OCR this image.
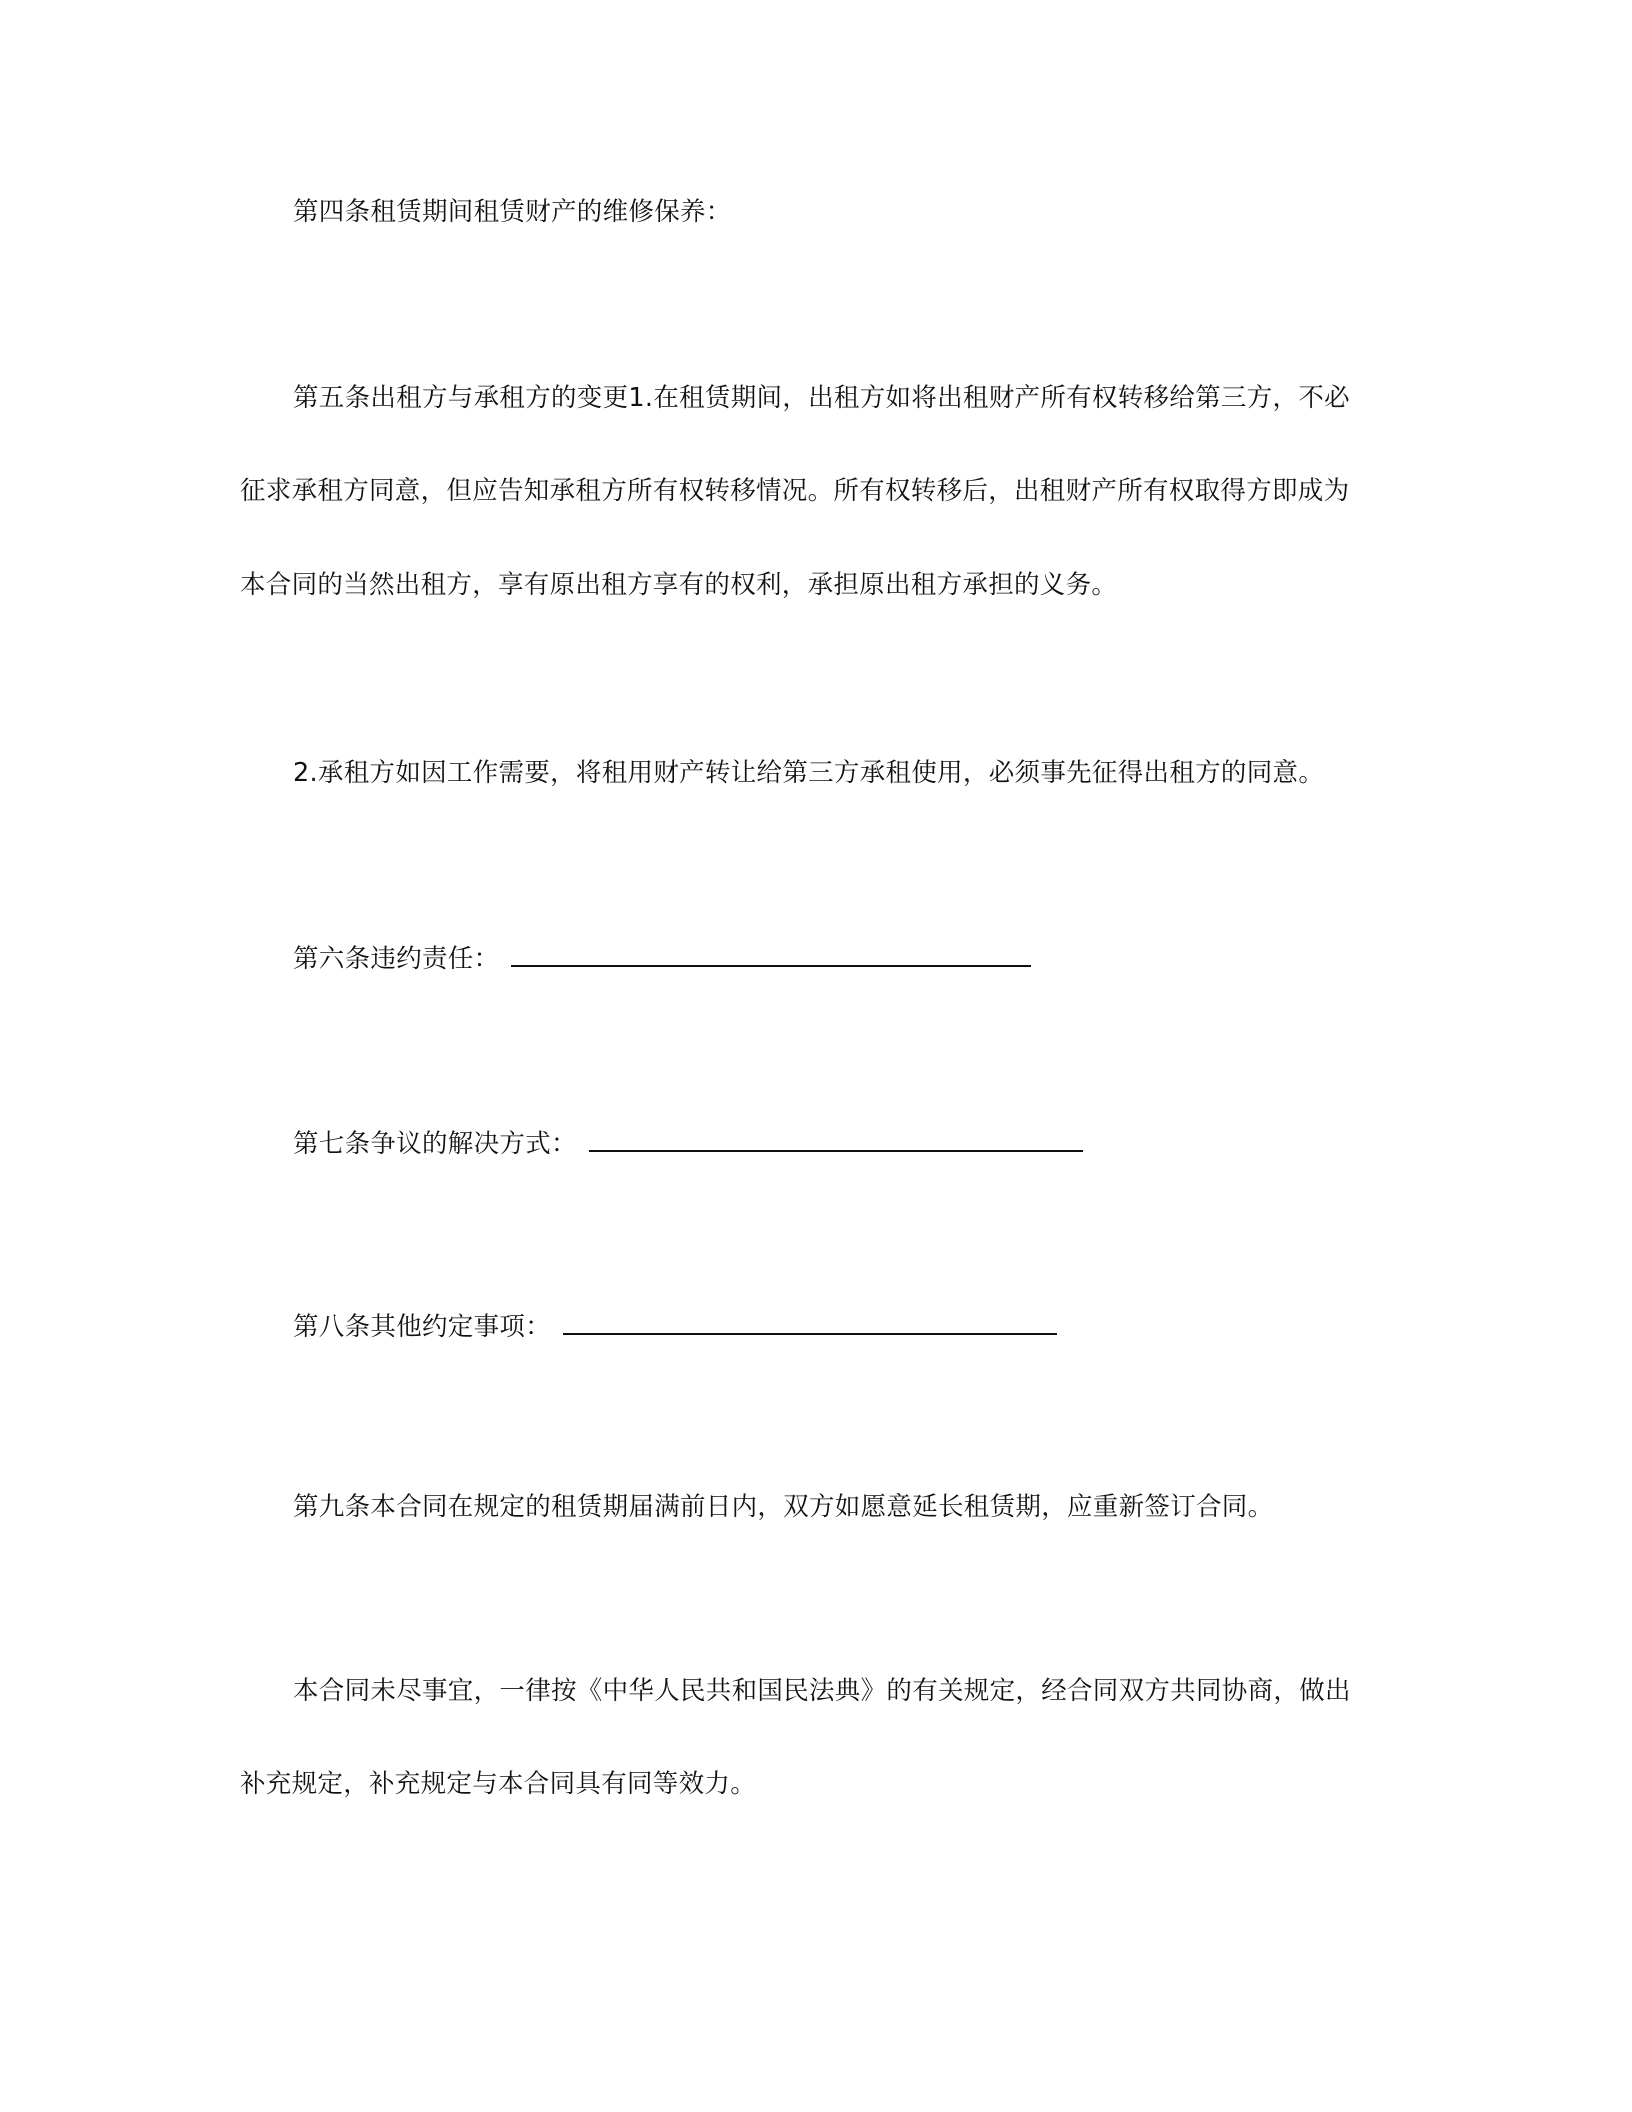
第四条租赁期间租赁财产的维修保养：
第五条出租方与承租方的变更1.在租赁期间，出租方如将出租财产所有权转移给第三方，不必
征求承租方同意，但应告知承租方所有权转移情况。所有权转移后，出租财产所有权取得方即成为
本合同的当然出租方，享有原出租方享有的权利，承担原出租方承担的义务。
2.承租方如因工作需要，将租用财产转让给第三方承租使用，必须事先征得出租方的同意。
第六条违约责任：
第七条争议的解决方式：
第八条其他约定事项：
第九条本合同在规定的租赁期届满前日内，双方如愿意延长租赁期，应重新签订合同。
本合同未尽事宜，一律按《中华人民共和国民法典》的有关规定，经合同双方共同协商，做出
补充规定，补充规定与本合同具有同等效力。
